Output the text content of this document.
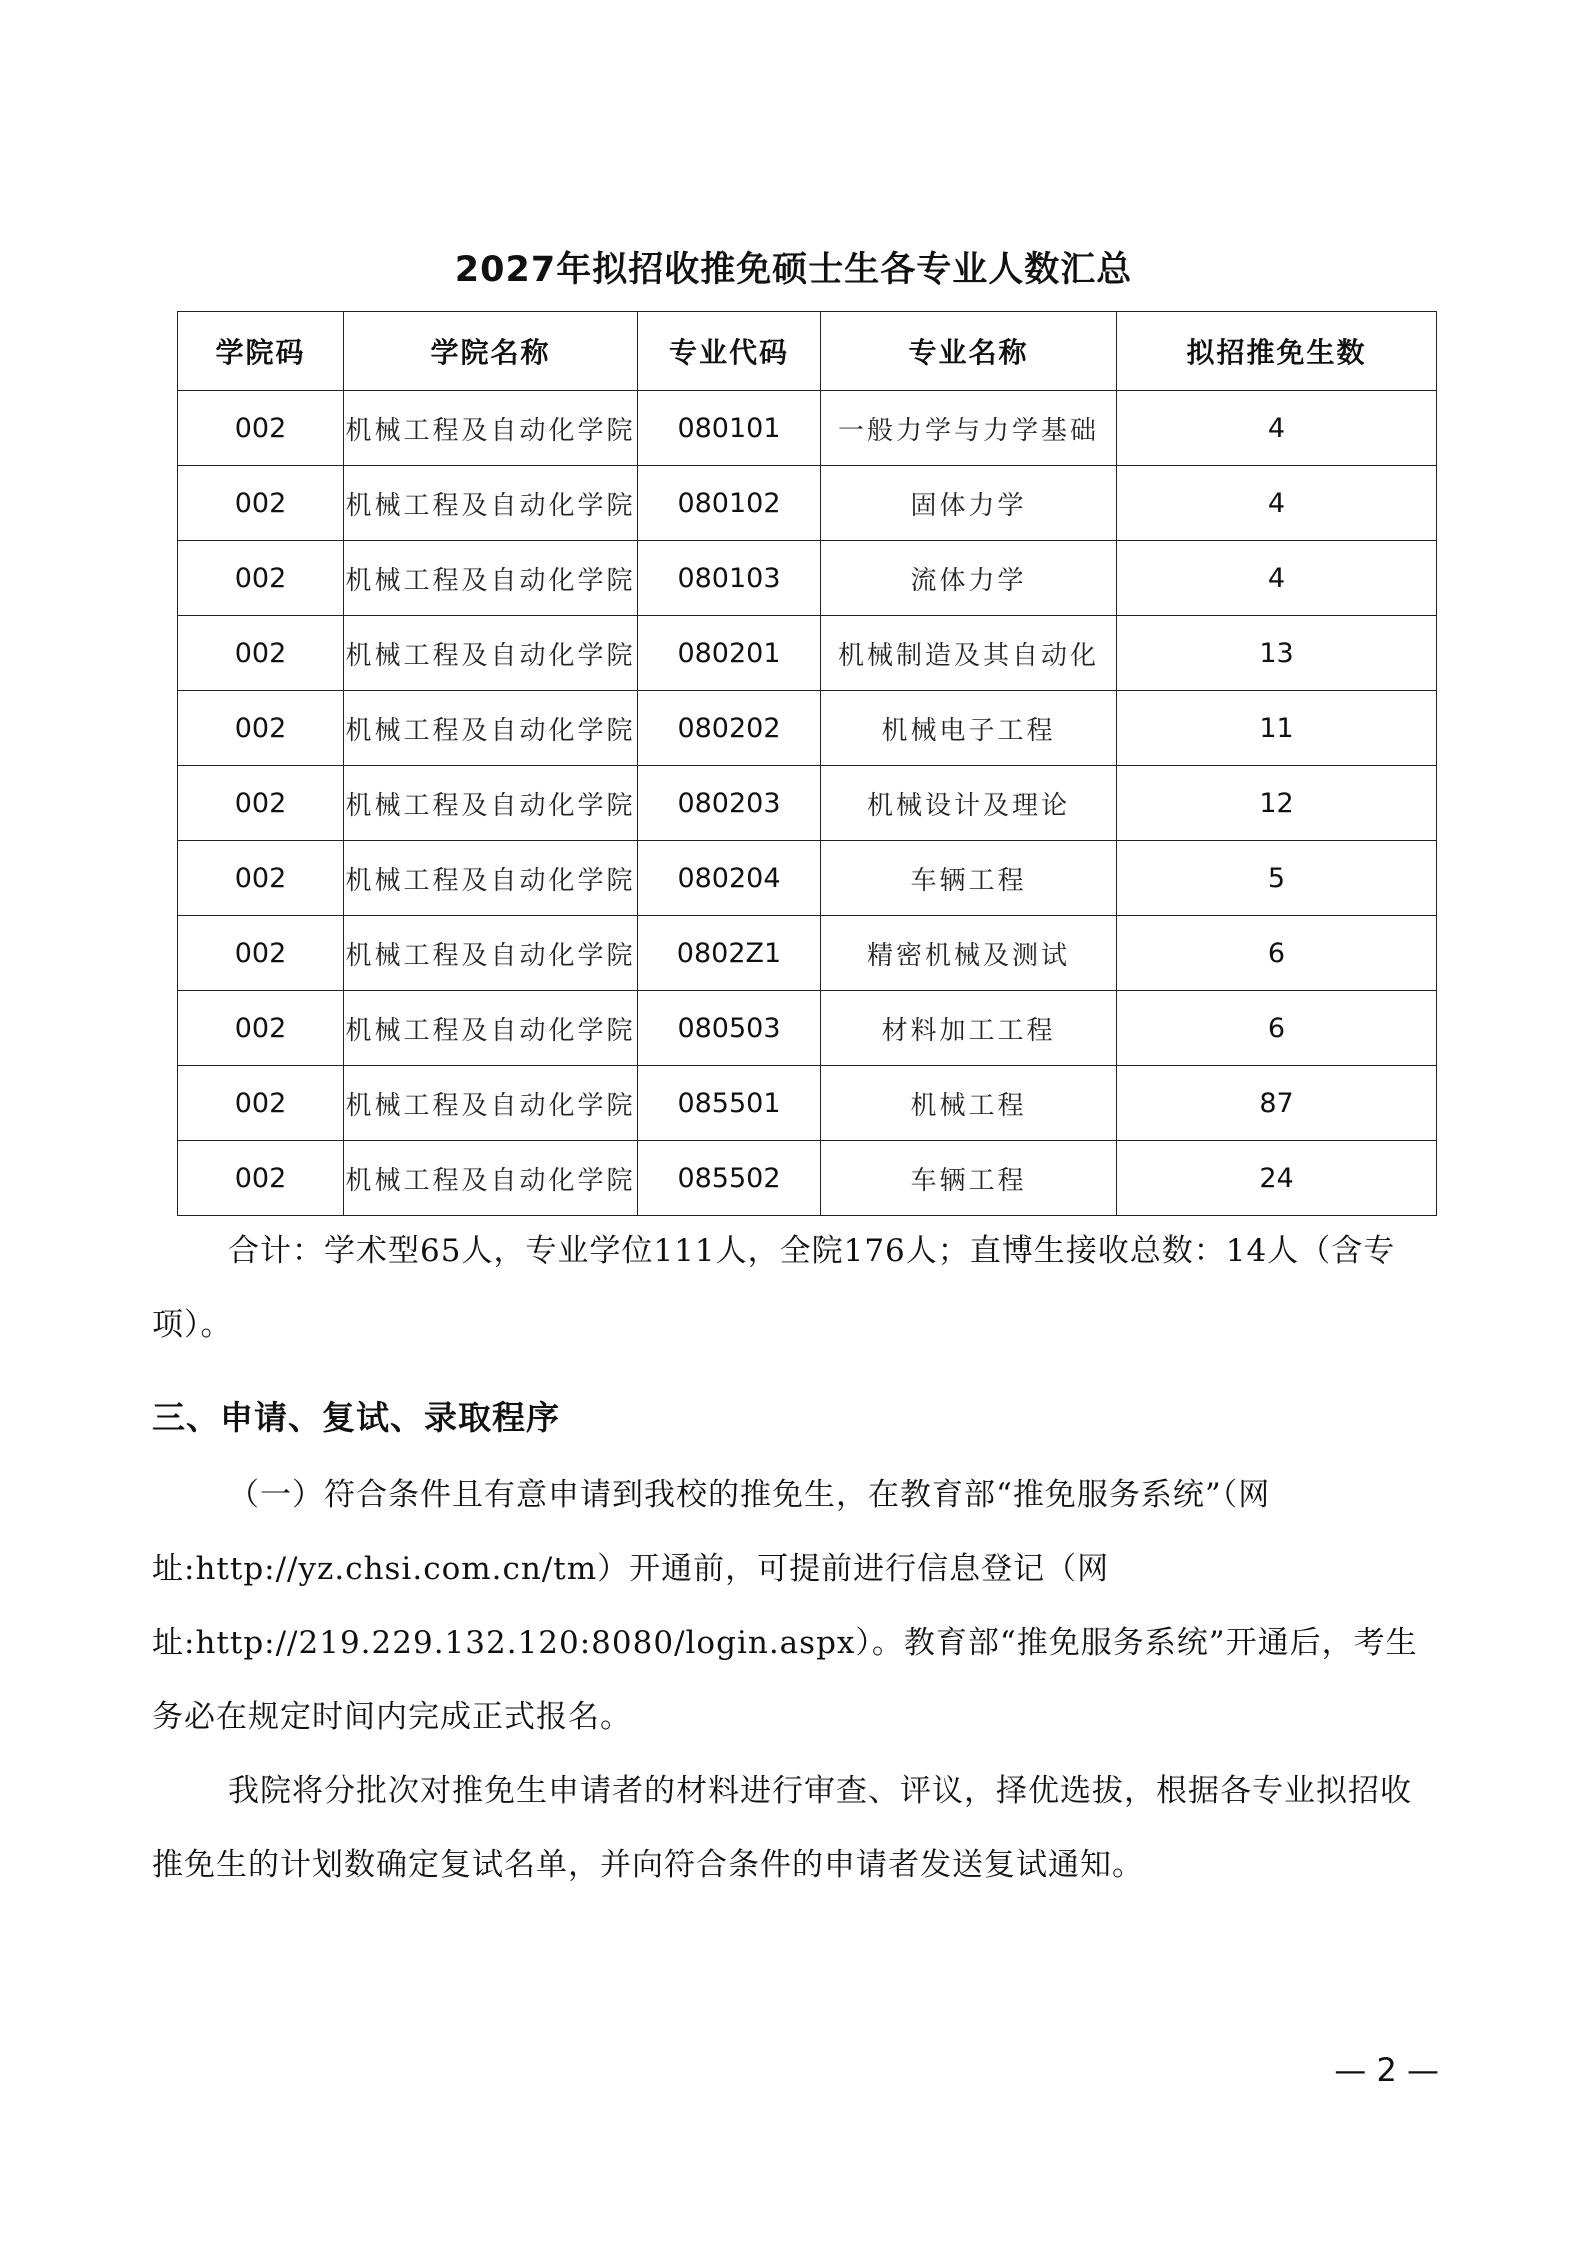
2027年拟招收推免硕士生各专业人数汇总
学院码	学院名称	专业代码	专业名称	拟招推免生数
002	机械工程及自动化学院	080101	一般力学与力学基础	4
002	机械工程及自动化学院	080102	固体力学	4
002	机械工程及自动化学院	080103	流体力学	4
002	机械工程及自动化学院	080201	机械制造及其自动化	13
002	机械工程及自动化学院	080202	机械电子工程	11
002	机械工程及自动化学院	080203	机械设计及理论	12
002	机械工程及自动化学院	080204	车辆工程	5
002	机械工程及自动化学院	0802Z1	精密机械及测试	6
002	机械工程及自动化学院	080503	材料加工工程	6
002	机械工程及自动化学院	085501	机械工程	87
002	机械工程及自动化学院	085502	车辆工程	24

合计：学术型65人，专业学位111人，全院176人；直博生接收总数：14人（含专项）。

三、申请、复试、录取程序

（一）符合条件且有意申请到我校的推免生，在教育部“推免服务系统”（网址:http://yz.chsi.com.cn/tm）开通前，可提前进行信息登记（网址:http://219.229.132.120:8080/login.aspx）。教育部“推免服务系统”开通后，考生务必在规定时间内完成正式报名。

我院将分批次对推免生申请者的材料进行审查、评议，择优选拔，根据各专业拟招收推免生的计划数确定复试名单，并向符合条件的申请者发送复试通知。

— 2 —
